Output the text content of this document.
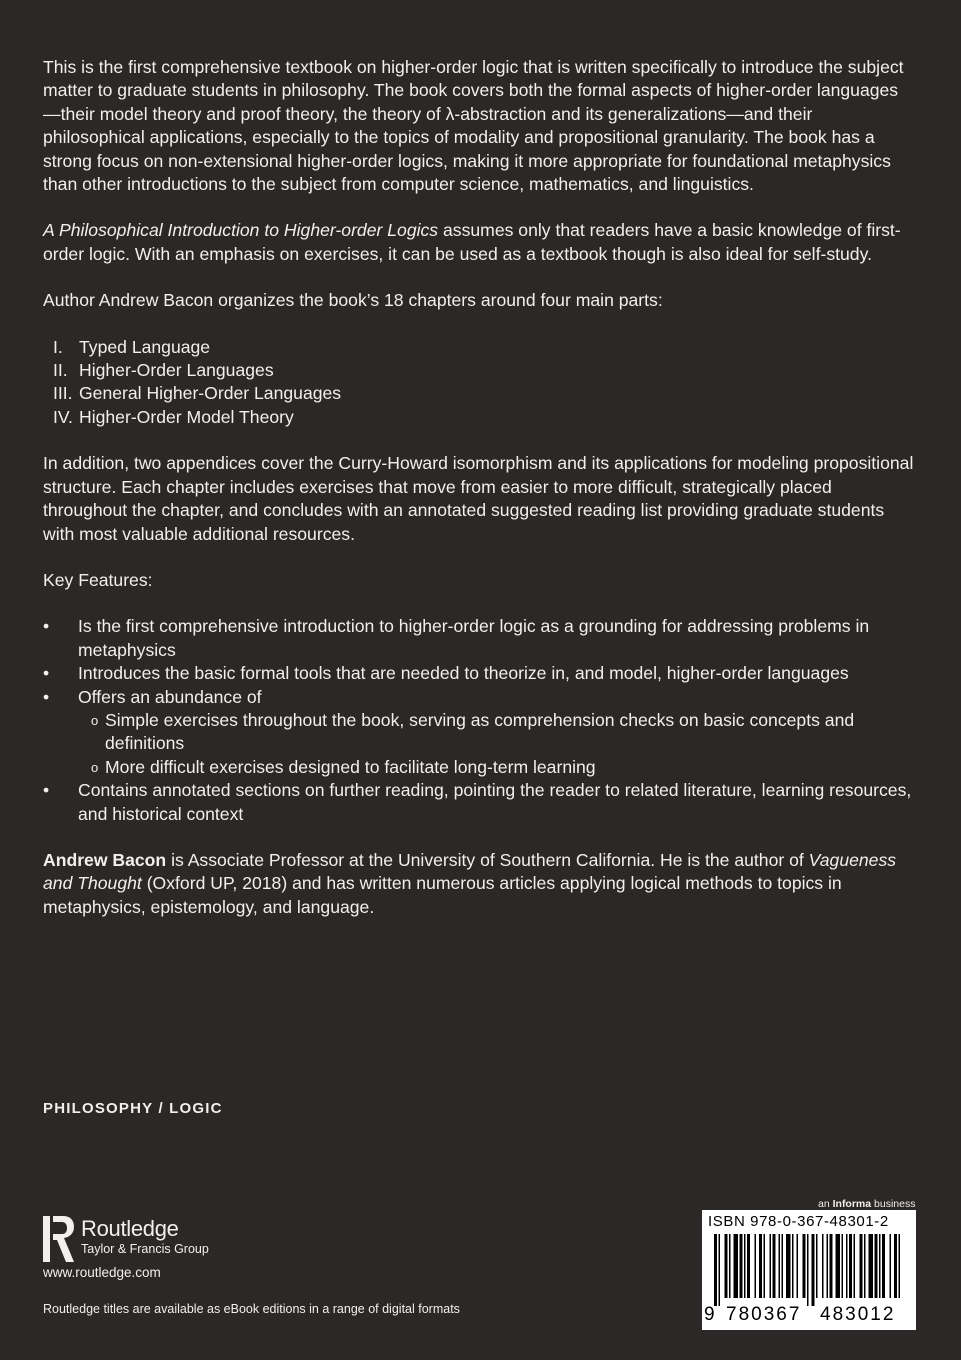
This is the first comprehensive textbook on higher-order logic that is written specifically to introduce the subject matter to graduate students in philosophy. The book covers both the formal aspects of higher-order languages—their model theory and proof theory, the theory of λ-abstraction and its generalizations—and their philosophical applications, especially to the topics of modality and propositional granularity. The book has a strong focus on non-extensional higher-order logics, making it more appropriate for foundational metaphysics than other introductions to the subject from computer science, mathematics, and linguistics.

A Philosophical Introduction to Higher-order Logics assumes only that readers have a basic knowledge of first-order logic. With an emphasis on exercises, it can be used as a textbook though is also ideal for self-study.

Author Andrew Bacon organizes the book’s 18 chapters around four main parts:

I. Typed Language
II. Higher-Order Languages
III. General Higher-Order Languages
IV. Higher-Order Model Theory

In addition, two appendices cover the Curry-Howard isomorphism and its applications for modeling propositional structure. Each chapter includes exercises that move from easier to more difficult, strategically placed throughout the chapter, and concludes with an annotated suggested reading list providing graduate students with most valuable additional resources.

Key Features:

•	Is the first comprehensive introduction to higher-order logic as a grounding for addressing problems in metaphysics
•	Introduces the basic formal tools that are needed to theorize in, and model, higher-order languages
•	Offers an abundance of
o Simple exercises throughout the book, serving as comprehension checks on basic concepts and definitions
o More difficult exercises designed to facilitate long-term learning
•	Contains annotated sections on further reading, pointing the reader to related literature, learning resources, and historical context

Andrew Bacon is Associate Professor at the University of Southern California. He is the author of Vagueness and Thought (Oxford UP, 2018) and has written numerous articles applying logical methods to topics in metaphysics, epistemology, and language.

PHILOSOPHY / LOGIC
Routledge
Taylor & Francis Group
www.routledge.com
Routledge titles are available as eBook editions in a range of digital formats
an Informa business
ISBN 978-0-367-48301-2
9 780367 483012
